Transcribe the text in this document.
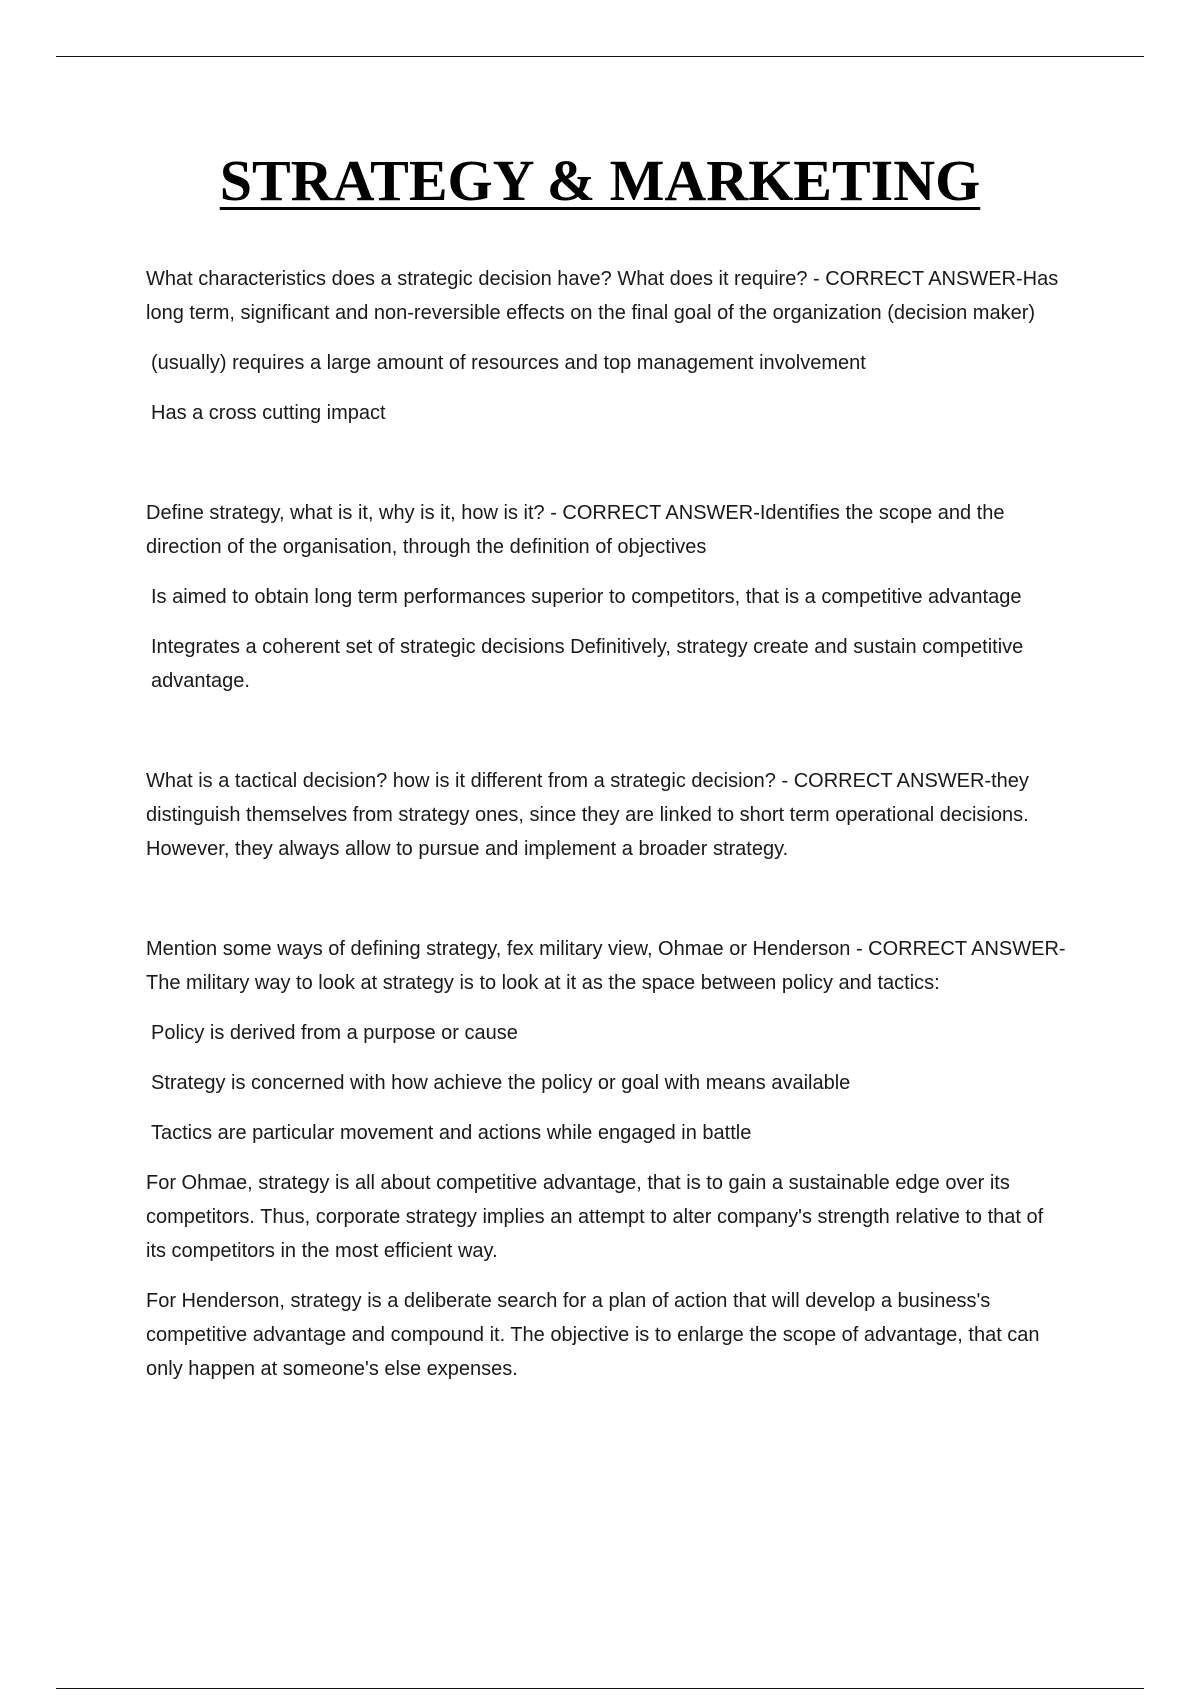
STRATEGY & MARKETING

What characteristics does a strategic decision have? What does it require? - CORRECT ANSWER-Has long term, significant and non-reversible effects on the final goal of the organization (decision maker)

(usually) requires a large amount of resources and top management involvement

Has a cross cutting impact

Define strategy, what is it, why is it, how is it? - CORRECT ANSWER-Identifies the scope and the direction of the organisation, through the definition of objectives

Is aimed to obtain long term performances superior to competitors, that is a competitive advantage

Integrates a coherent set of strategic decisions Definitively, strategy create and sustain competitive advantage.

What is a tactical decision? how is it different from a strategic decision? - CORRECT ANSWER-they distinguish themselves from strategy ones, since they are linked to short term operational decisions. However, they always allow to pursue and implement a broader strategy.

Mention some ways of defining strategy, fex military view, Ohmae or Henderson - CORRECT ANSWER-The military way to look at strategy is to look at it as the space between policy and tactics:

Policy is derived from a purpose or cause

Strategy is concerned with how achieve the policy or goal with means available

Tactics are particular movement and actions while engaged in battle

For Ohmae, strategy is all about competitive advantage, that is to gain a sustainable edge over its competitors. Thus, corporate strategy implies an attempt to alter company's strength relative to that of its competitors in the most efficient way.

For Henderson, strategy is a deliberate search for a plan of action that will develop a business's competitive advantage and compound it. The objective is to enlarge the scope of advantage, that can only happen at someone's else expenses.
